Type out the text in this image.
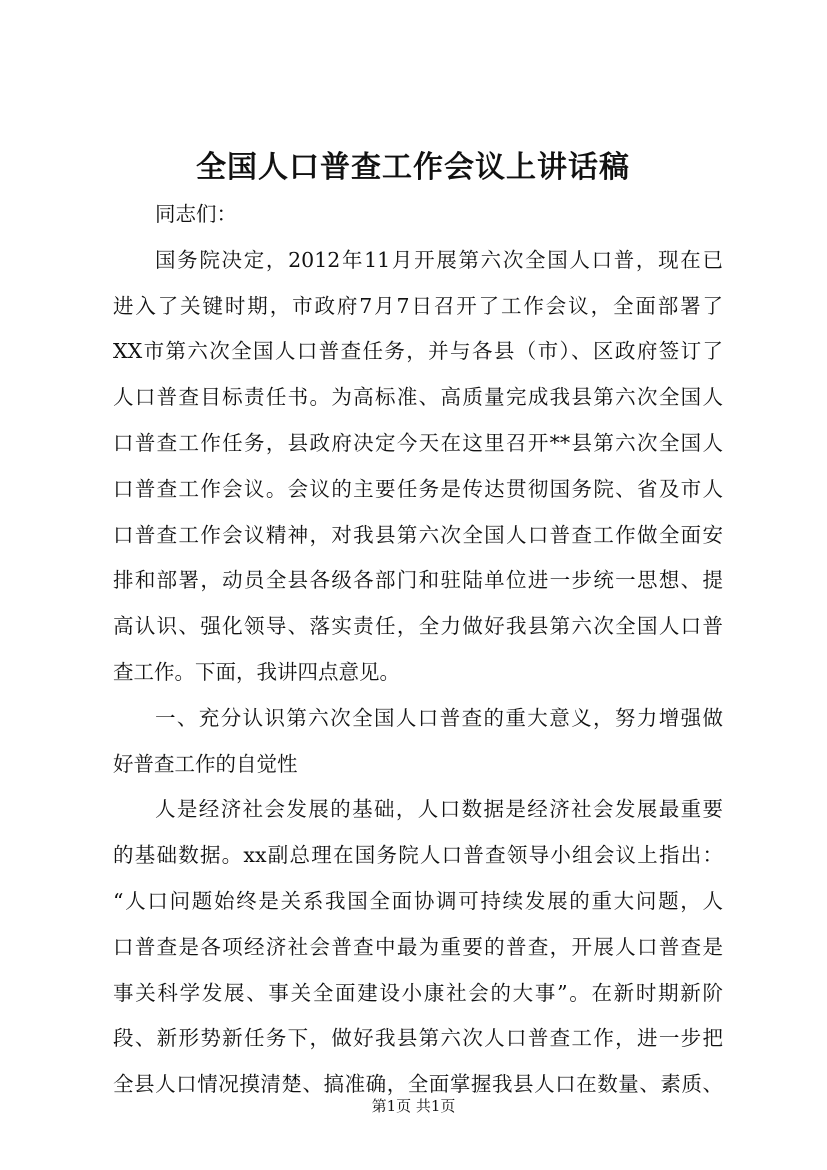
全国人口普查工作会议上讲话稿
同志们：
国务院决定，2012年11月开展第六次全国人口普，现在已
进入了关键时期，市政府7月7日召开了工作会议，全面部署了
XX市第六次全国人口普查任务，并与各县（市）、区政府签订了
人口普查目标责任书。为高标准、高质量完成我县第六次全国人
口普查工作任务，县政府决定今天在这里召开**县第六次全国人
口普查工作会议。会议的主要任务是传达贯彻国务院、省及市人
口普查工作会议精神，对我县第六次全国人口普查工作做全面安
排和部署，动员全县各级各部门和驻陆单位进一步统一思想、提
高认识、强化领导、落实责任，全力做好我县第六次全国人口普
查工作。下面，我讲四点意见。
一、充分认识第六次全国人口普查的重大意义，努力增强做
好普查工作的自觉性
人是经济社会发展的基础，人口数据是经济社会发展最重要
的基础数据。xx副总理在国务院人口普查领导小组会议上指出：
“人口问题始终是关系我国全面协调可持续发展的重大问题，人
口普查是各项经济社会普查中最为重要的普查，开展人口普查是
事关科学发展、事关全面建设小康社会的大事”。在新时期新阶
段、新形势新任务下，做好我县第六次人口普查工作，进一步把
全县人口情况摸清楚、搞准确，全面掌握我县人口在数量、素质、
第1页 共1页
